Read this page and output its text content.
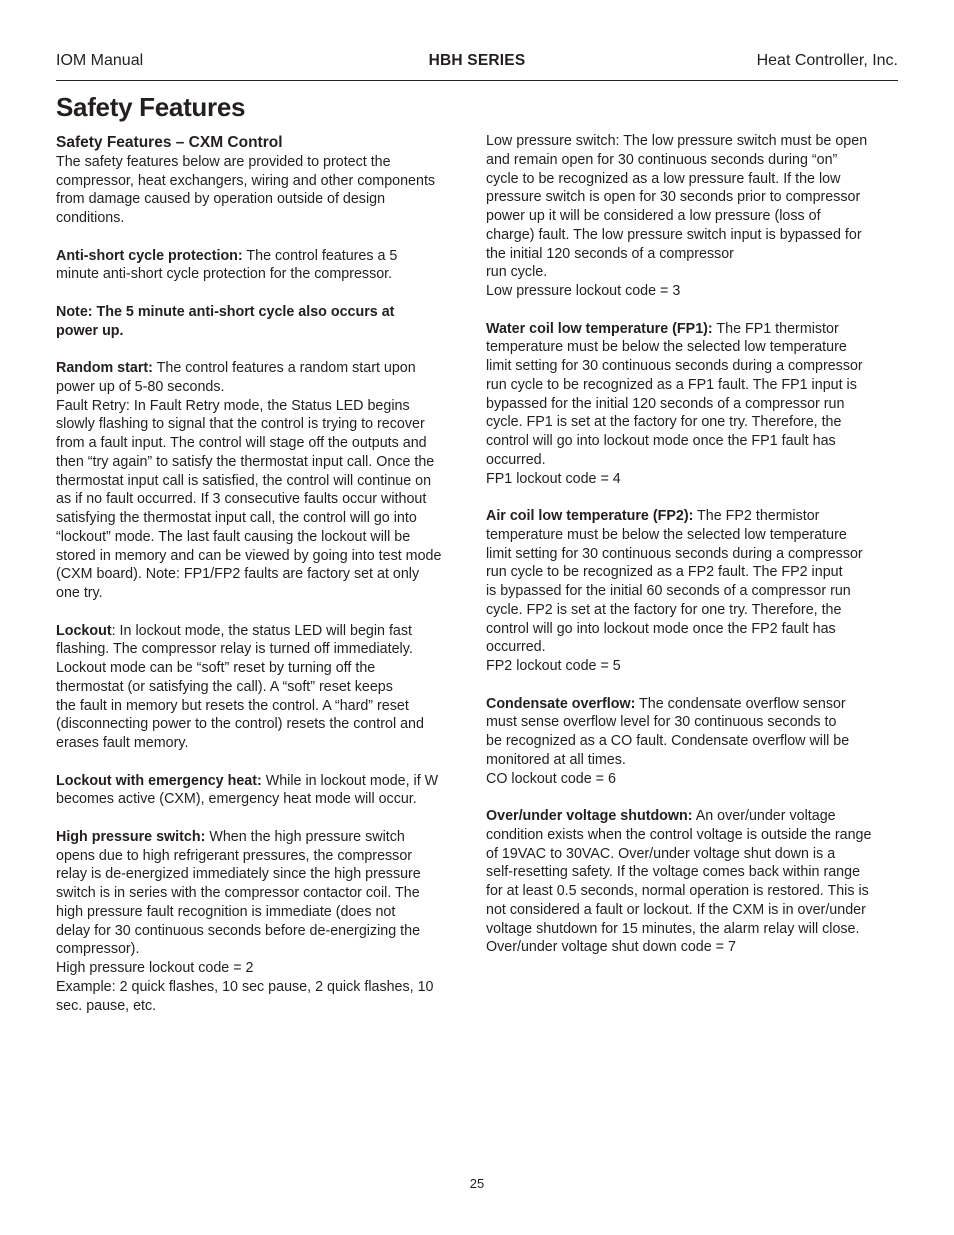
IOM Manual	HBH SERIES	Heat Controller, Inc.
Safety Features

Safety Features – CXM Control
The safety features below are provided to protect the
compressor, heat exchangers, wiring and other components
from damage caused by operation outside of design
conditions.

Anti-short cycle protection: The control features a 5
minute anti-short cycle protection for the compressor.

Note: The 5 minute anti-short cycle also occurs at
power up.

Random start: The control features a random start upon
power up of 5-80 seconds.
Fault Retry: In Fault Retry mode, the Status LED begins
slowly flashing to signal that the control is trying to recover
from a fault input. The control will stage off the outputs and
then “try again” to satisfy the thermostat input call. Once the
thermostat input call is satisfied, the control will continue on
as if no fault occurred. If 3 consecutive faults occur without
satisfying the thermostat input call, the control will go into
“lockout” mode. The last fault causing the lockout will be
stored in memory and can be viewed by going into test mode
(CXM board). Note: FP1/FP2 faults are factory set at only
one try.

Lockout: In lockout mode, the status LED will begin fast
flashing. The compressor relay is turned off immediately.
Lockout mode can be “soft” reset by turning off the
thermostat (or satisfying the call). A “soft” reset keeps
the fault in memory but resets the control. A “hard” reset
(disconnecting power to the control) resets the control and
erases fault memory.

Lockout with emergency heat: While in lockout mode, if W
becomes active (CXM), emergency heat mode will occur.

High pressure switch: When the high pressure switch
opens due to high refrigerant pressures, the compressor
relay is de-energized immediately since the high pressure
switch is in series with the compressor contactor coil. The
high pressure fault recognition is immediate (does not
delay for 30 continuous seconds before de-energizing the
compressor).
High pressure lockout code = 2
Example: 2 quick flashes, 10 sec pause, 2 quick flashes, 10
sec. pause, etc.

Low pressure switch: The low pressure switch must be open
and remain open for 30 continuous seconds during “on”
cycle to be recognized as a low pressure fault. If the low
pressure switch is open for 30 seconds prior to compressor
power up it will be considered a low pressure (loss of
charge) fault. The low pressure switch input is bypassed for
the initial 120 seconds of a compressor
run cycle.
Low pressure lockout code = 3

Water coil low temperature (FP1): The FP1 thermistor
temperature must be below the selected low temperature
limit setting for 30 continuous seconds during a compressor
run cycle to be recognized as a FP1 fault. The FP1 input is
bypassed for the initial 120 seconds of a compressor run
cycle. FP1 is set at the factory for one try. Therefore, the
control will go into lockout mode once the FP1 fault has
occurred.
FP1 lockout code = 4

Air coil low temperature (FP2): The FP2 thermistor
temperature must be below the selected low temperature
limit setting for 30 continuous seconds during a compressor
run cycle to be recognized as a FP2 fault. The FP2 input
is bypassed for the initial 60 seconds of a compressor run
cycle. FP2 is set at the factory for one try. Therefore, the
control will go into lockout mode once the FP2 fault has
occurred.
FP2 lockout code = 5

Condensate overflow: The condensate overflow sensor
must sense overflow level for 30 continuous seconds to
be recognized as a CO fault. Condensate overflow will be
monitored at all times.
CO lockout code = 6

Over/under voltage shutdown: An over/under voltage
condition exists when the control voltage is outside the range
of 19VAC to 30VAC. Over/under voltage shut down is a
self-resetting safety. If the voltage comes back within range
for at least 0.5 seconds, normal operation is restored. This is
not considered a fault or lockout. If the CXM is in over/under
voltage shutdown for 15 minutes, the alarm relay will close.
Over/under voltage shut down code = 7

25
